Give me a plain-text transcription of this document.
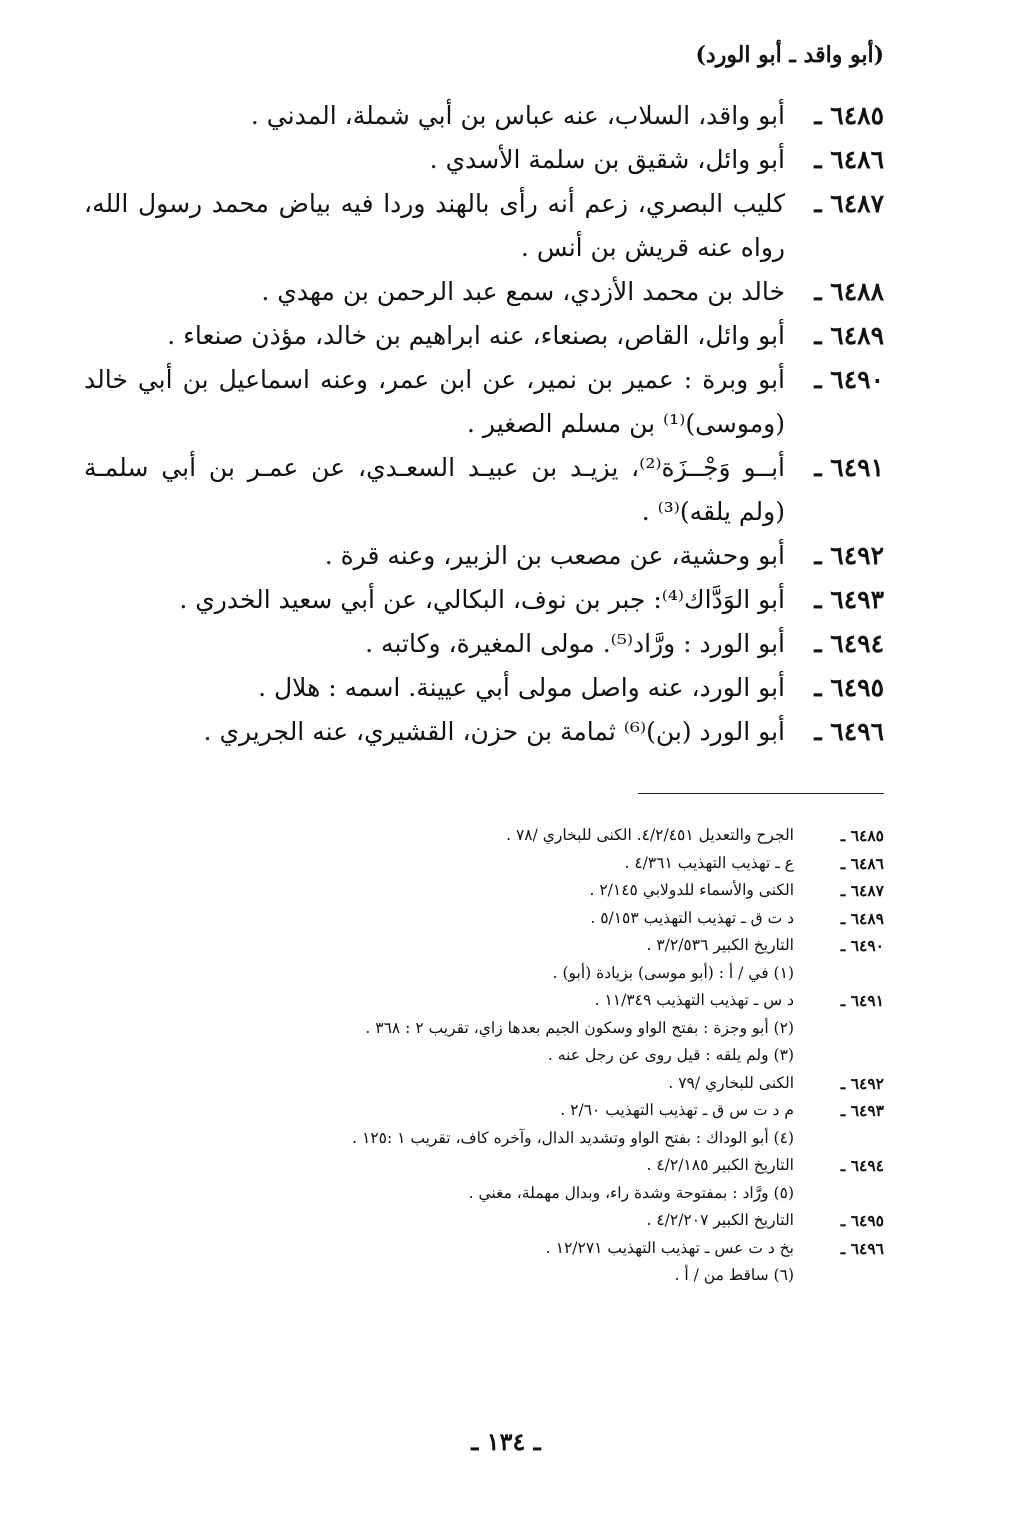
(أبو واقد ـ أبو الورد)
٦٤٨٥ ـ
أبو واقد، السلاب، عنه عباس بن أبي شملة، المدني .
٦٤٨٦ ـ
أبو وائل، شقيق بن سلمة الأسدي .
٦٤٨٧ ـ
كليب البصري، زعم أنه رأى بالهند وردا فيه بياض محمد رسول الله، رواه عنه قريش بن أنس .
٦٤٨٨ ـ
خالد بن محمد الأزدي، سمع عبد الرحمن بن مهدي .
٦٤٨٩ ـ
أبو وائل، القاص، بصنعاء، عنه ابراهيم بن خالد، مؤذن صنعاء .
٦٤٩٠ ـ
أبو وبرة : عمير بن نمير، عن ابن عمر، وعنه اسماعيل بن أبي خالد (وموسى)⁽¹⁾ بن مسلم الصغير .
٦٤٩١ ـ
أبــو وَجْــزَة⁽²⁾، يزيـد بن عبيـد السعـدي، عن عمـر بن أبي سلمـة (ولم يلقه)⁽³⁾ .
٦٤٩٢ ـ
أبو وحشية، عن مصعب بن الزبير، وعنه قرة .
٦٤٩٣ ـ
أبو الوَدَّاك⁽⁴⁾: جبر بن نوف، البكالي، عن أبي سعيد الخدري .
٦٤٩٤ ـ
أبو الورد : ورَّاد⁽⁵⁾. مولى المغيرة، وكاتبه .
٦٤٩٥ ـ
أبو الورد، عنه واصل مولى أبي عيينة. اسمه : هلال .
٦٤٩٦ ـ
أبو الورد (بن)⁽⁶⁾ ثمامة بن حزن، القشيري، عنه الجريري .
٦٤٨٥ ـ
الجرح والتعديل ٤/٢/٤٥١. الكنى للبخاري /٧٨ .
٦٤٨٦ ـ
ع ـ تهذيب التهذيب ٤/٣٦١ .
٦٤٨٧ ـ
الكنى والأسماء للدولابي ٢/١٤٥ .
٦٤٨٩ ـ
د ت ق ـ تهذيب التهذيب ٥/١٥٣ .
٦٤٩٠ ـ
التاريخ الكبير ٣/٢/٥٣٦ .
(١) في / أ : (أبو موسى) بزيادة (أبو) .
٦٤٩١ ـ
د س ـ تهذيب التهذيب ١١/٣٤٩ .
(٢) أبو وجزة : بفتح الواو وسكون الجيم بعدها زاي، تقريب ٢ : ٣٦٨ .
(٣) ولم يلقه : قيل روى عن رجل عنه .
٦٤٩٢ ـ
الكنى للبخاري /٧٩ .
٦٤٩٣ ـ
م د ت س ق ـ تهذيب التهذيب ٢/٦٠ .
(٤) أبو الوداك : بفتح الواو وتشديد الدال، وآخره كاف، تقريب ١ :١٢٥ .
٦٤٩٤ ـ
التاريخ الكبير ٤/٢/١٨٥ .
(٥) ورَّاد : بمفتوحة وشدة راء، وبدال مهملة، مغني .
٦٤٩٥ ـ
التاريخ الكبير ٤/٢/٢٠٧ .
٦٤٩٦ ـ
بخ د ت عس ـ تهذيب التهذيب ١٢/٢٧١ .
(٦) ساقط من / أ .
ـ ١٣٤ ـ
